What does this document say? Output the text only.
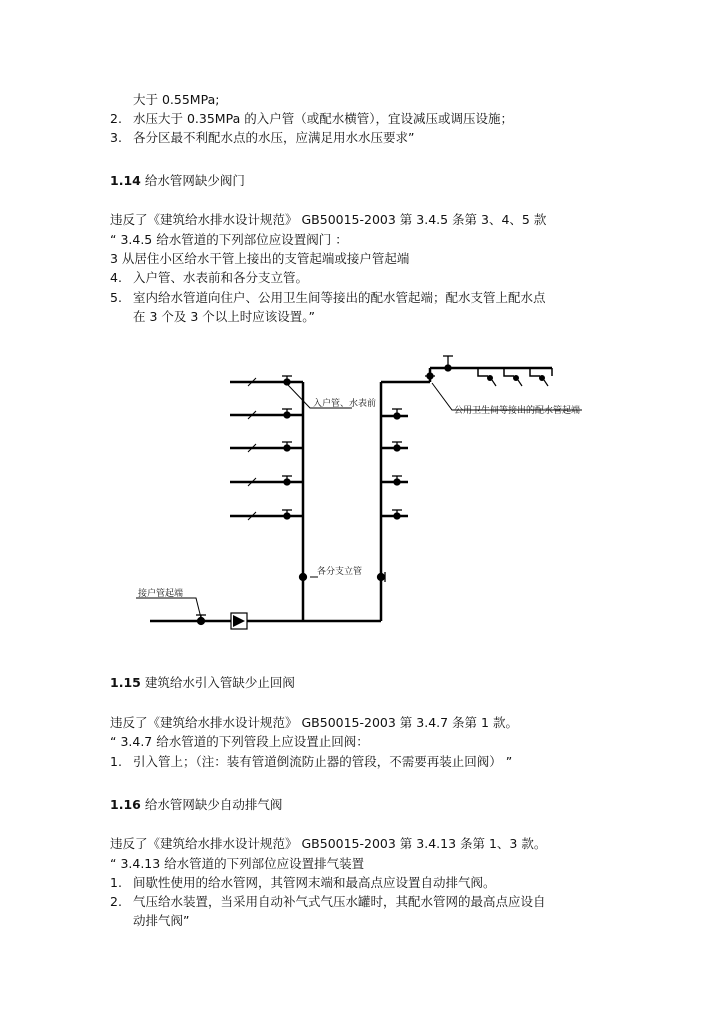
大于 0.55MPa;
2. 水压大于 0.35MPa 的入户管（或配水横管），宜设减压或调压设施；
3. 各分区最不利配水点的水压，应满足用水水压要求”
1.14 给水管网缺少阀门
违反了《建筑给水排水设计规范》 GB50015-2003 第 3.4.5 条第 3、4、5 款
“ 3.4.5 给水管道的下列部位应设置阀门 ：
3 从居住小区给水干管上接出的支管起端或接户管起端
4. 入户管、水表前和各分支立管。
5. 室内给水管道向住户、公用卫生间等接出的配水管起端；配水支管上配水点
在 3 个及 3 个以上时应该设置。”
入户管、水表前
公用卫生间等接出的配水管起端
各分支立管
接户管起端
1.15 建筑给水引入管缺少止回阀
违反了《建筑给水排水设计规范》 GB50015-2003 第 3.4.7 条第 1 款。
“ 3.4.7 给水管道的下列管段上应设置止回阀：
1. 引入管上；（注：装有管道倒流防止器的管段，不需要再装止回阀） ”
1.16 给水管网缺少自动排气阀
违反了《建筑给水排水设计规范》 GB50015-2003 第 3.4.13 条第 1、3 款。
“ 3.4.13 给水管道的下列部位应设置排气装置
1. 间歇性使用的给水管网，其管网末端和最高点应设置自动排气阀。
2. 气压给水装置，当采用自动补气式气压水罐时，其配水管网的最高点应设自
动排气阀”
